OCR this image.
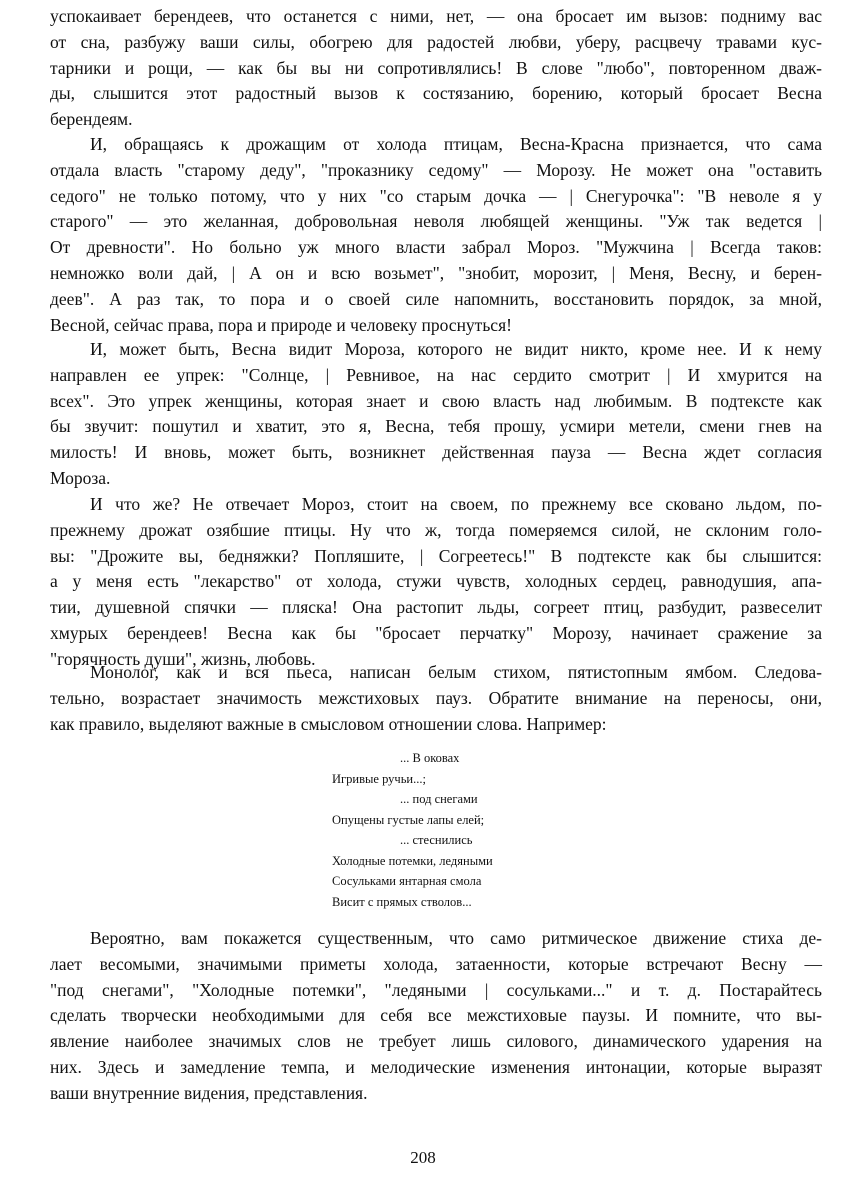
успокаивает берендеев, что останется с ними, нет, — она бросает им вызов: подниму вас
от сна, разбужу ваши силы, обогрею для радостей любви, уберу, расцвечу травами кус-
тарники и рощи, — как бы вы ни сопротивлялись! В слове "любо", повторенном дваж-
ды, слышится этот радостный вызов к состязанию, борению, который бросает Весна
берендеям.
И, обращаясь к дрожащим от холода птицам, Весна-Красна признается, что сама
отдала власть "старому деду", "проказнику седому" — Морозу. Не может она "оставить
седого" не только потому, что у них "со старым дочка — | Снегурочка": "В неволе я у
старого" — это желанная, добровольная неволя любящей женщины. "Уж так ведется |
От древности". Но больно уж много власти забрал Мороз. "Мужчина | Всегда таков:
немножко воли дай, | А он и всю возьмет", "знобит, морозит, | Меня, Весну, и берен-
деев". А раз так, то пора и о своей силе напомнить, восстановить порядок, за мной,
Весной, сейчас права, пора и природе и человеку проснуться!
И, может быть, Весна видит Мороза, которого не видит никто, кроме нее. И к нему
направлен ее упрек: "Солнце, | Ревнивое, на нас сердито смотрит | И хмурится на
всех". Это упрек женщины, которая знает и свою власть над любимым. В подтексте как
бы звучит: пошутил и хватит, это я, Весна, тебя прошу, усмири метели, смени гнев на
милость! И вновь, может быть, возникнет действенная пауза — Весна ждет согласия
Мороза.
И что же? Не отвечает Мороз, стоит на своем, по прежнему все сковано льдом, по-
прежнему дрожат озябшие птицы. Ну что ж, тогда померяемся силой, не склоним голо-
вы: "Дрожите вы, бедняжки? Попляшите, | Согреетесь!" В подтексте как бы слышится:
а у меня есть "лекарство" от холода, стужи чувств, холодных сердец, равнодушия, апа-
тии, душевной спячки — пляска! Она растопит льды, согреет птиц, разбудит, развеселит
хмурых берендеев! Весна как бы "бросает перчатку" Морозу, начинает сражение за
"горячность души", жизнь, любовь.
Монолог, как и вся пьеса, написан белым стихом, пятистопным ямбом. Следова-
тельно, возрастает значимость межстиховых пауз. Обратите внимание на переносы, они,
как правило, выделяют важные в смысловом отношении слова. Например:
... В оковах
Игривые ручьи...;
... под снегами
Опущены густые лапы елей;
... стеснились
Холодные потемки, ледяными
Сосульками янтарная смола
Висит с прямых стволов...
Вероятно, вам покажется существенным, что само ритмическое движение стиха де-
лает весомыми, значимыми приметы холода, затаенности, которые встречают Весну —
"под снегами", "Холодные потемки", "ледяными | сосульками..." и т. д. Постарайтесь
сделать творчески необходимыми для себя все межстиховые паузы. И помните, что вы-
явление наиболее значимых слов не требует лишь силового, динамического ударения на
них. Здесь и замедление темпа, и мелодические изменения интонации, которые выразят
ваши внутренние видения, представления.
208
